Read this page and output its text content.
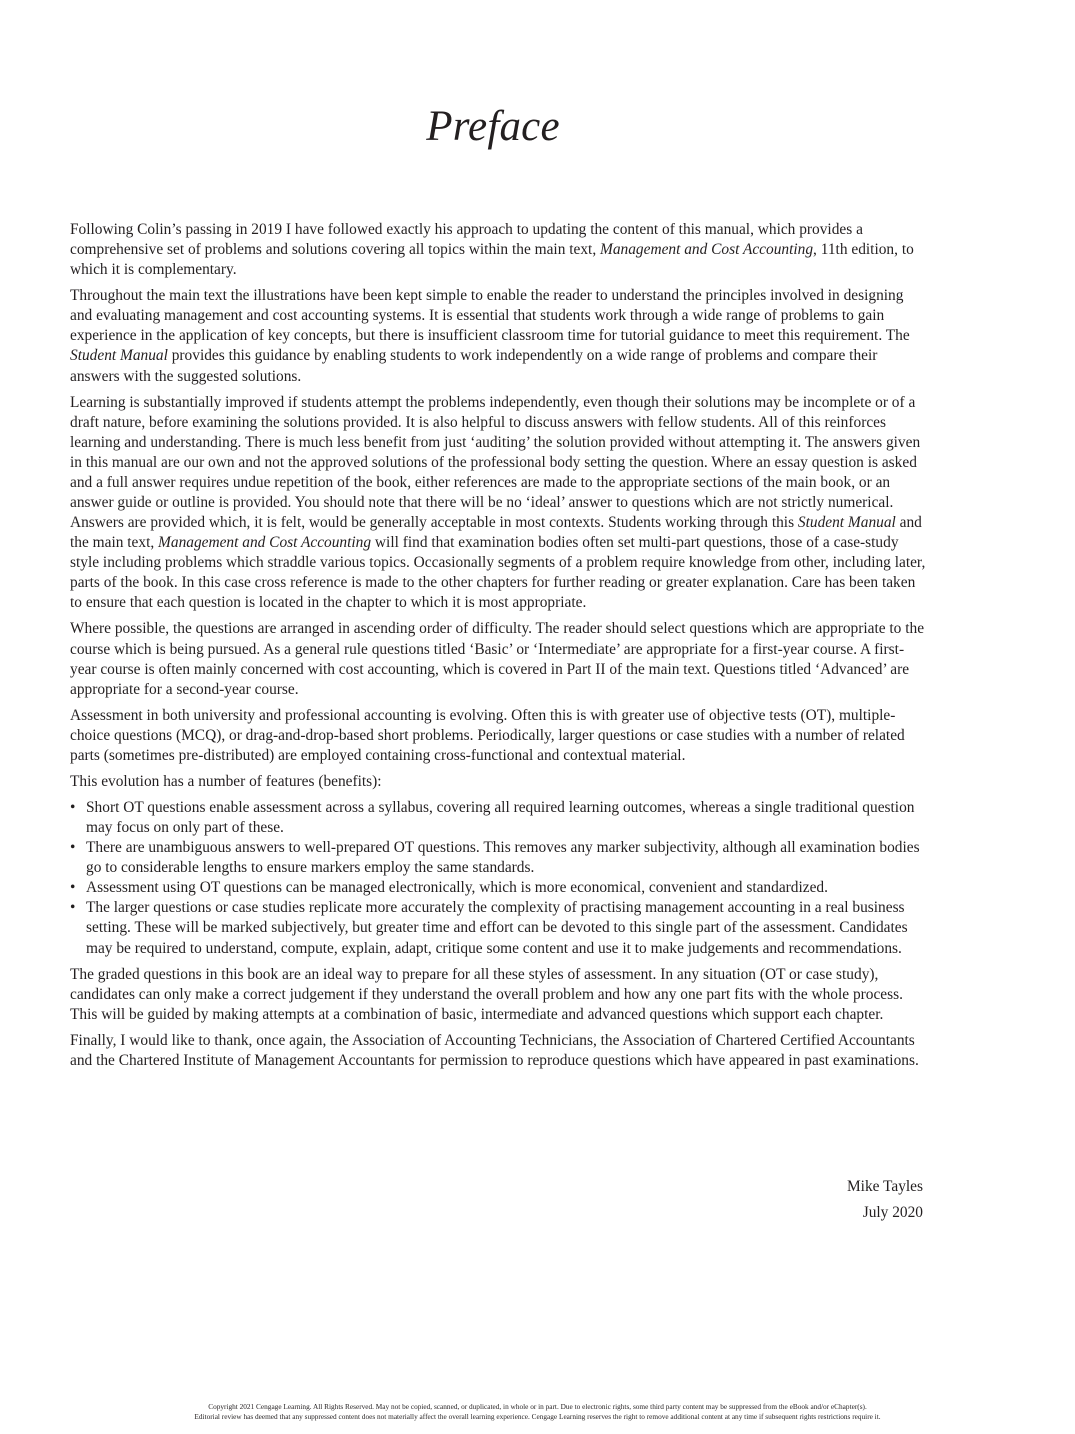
Preface

Following Colin’s passing in 2019 I have followed exactly his approach to updating the content of this manual, which provides a comprehensive set of problems and solutions covering all topics within the main text, Management and Cost Accounting, 11th edition, to which it is complementary.

Throughout the main text the illustrations have been kept simple to enable the reader to understand the principles involved in designing and evaluating management and cost accounting systems. It is essential that students work through a wide range of problems to gain experience in the application of key concepts, but there is insufficient classroom time for tutorial guidance to meet this requirement. The Student Manual provides this guidance by enabling students to work independently on a wide range of problems and compare their answers with the suggested solutions.

Learning is substantially improved if students attempt the problems independently, even though their solutions may be incomplete or of a draft nature, before examining the solutions provided. It is also helpful to discuss answers with fellow students. All of this reinforces learning and understanding. There is much less benefit from just ‘auditing’ the solution provided without attempting it. The answers given in this manual are our own and not the approved solutions of the professional body setting the question. Where an essay question is asked and a full answer requires undue repetition of the book, either references are made to the appropriate sections of the main book, or an answer guide or outline is provided. You should note that there will be no ‘ideal’ answer to questions which are not strictly numerical. Answers are provided which, it is felt, would be generally acceptable in most contexts. Students working through this Student Manual and the main text, Management and Cost Accounting will find that examination bodies often set multi-part questions, those of a case-study style including problems which straddle various topics. Occasionally segments of a problem require knowledge from other, including later, parts of the book. In this case cross reference is made to the other chapters for further reading or greater explanation. Care has been taken to ensure that each question is located in the chapter to which it is most appropriate.

Where possible, the questions are arranged in ascending order of difficulty. The reader should select questions which are appropriate to the course which is being pursued. As a general rule questions titled ‘Basic’ or ‘Intermediate’ are appropriate for a first-year course. A first-year course is often mainly concerned with cost accounting, which is covered in Part II of the main text. Questions titled ‘Advanced’ are appropriate for a second-year course.

Assessment in both university and professional accounting is evolving. Often this is with greater use of objective tests (OT), multiple-choice questions (MCQ), or drag-and-drop-based short problems. Periodically, larger questions or case studies with a number of related parts (sometimes pre-distributed) are employed containing cross-functional and contextual material.

This evolution has a number of features (benefits):

• Short OT questions enable assessment across a syllabus, covering all required learning outcomes, whereas a single traditional question may focus on only part of these.
• There are unambiguous answers to well-prepared OT questions. This removes any marker subjectivity, although all examination bodies go to considerable lengths to ensure markers employ the same standards.
• Assessment using OT questions can be managed electronically, which is more economical, convenient and standardized.
• The larger questions or case studies replicate more accurately the complexity of practising management accounting in a real business setting. These will be marked subjectively, but greater time and effort can be devoted to this single part of the assessment. Candidates may be required to understand, compute, explain, adapt, critique some content and use it to make judgements and recommendations.

The graded questions in this book are an ideal way to prepare for all these styles of assessment. In any situation (OT or case study), candidates can only make a correct judgement if they understand the overall problem and how any one part fits with the whole process. This will be guided by making attempts at a combination of basic, intermediate and advanced questions which support each chapter.

Finally, I would like to thank, once again, the Association of Accounting Technicians, the Association of Chartered Certified Accountants and the Chartered Institute of Management Accountants for permission to reproduce questions which have appeared in past examinations.

Mike Tayles
July 2020
Copyright 2021 Cengage Learning. All Rights Reserved. May not be copied, scanned, or duplicated, in whole or in part. Due to electronic rights, some third party content may be suppressed from the eBook and/or eChapter(s).
Editorial review has deemed that any suppressed content does not materially affect the overall learning experience. Cengage Learning reserves the right to remove additional content at any time if subsequent rights restrictions require it.
